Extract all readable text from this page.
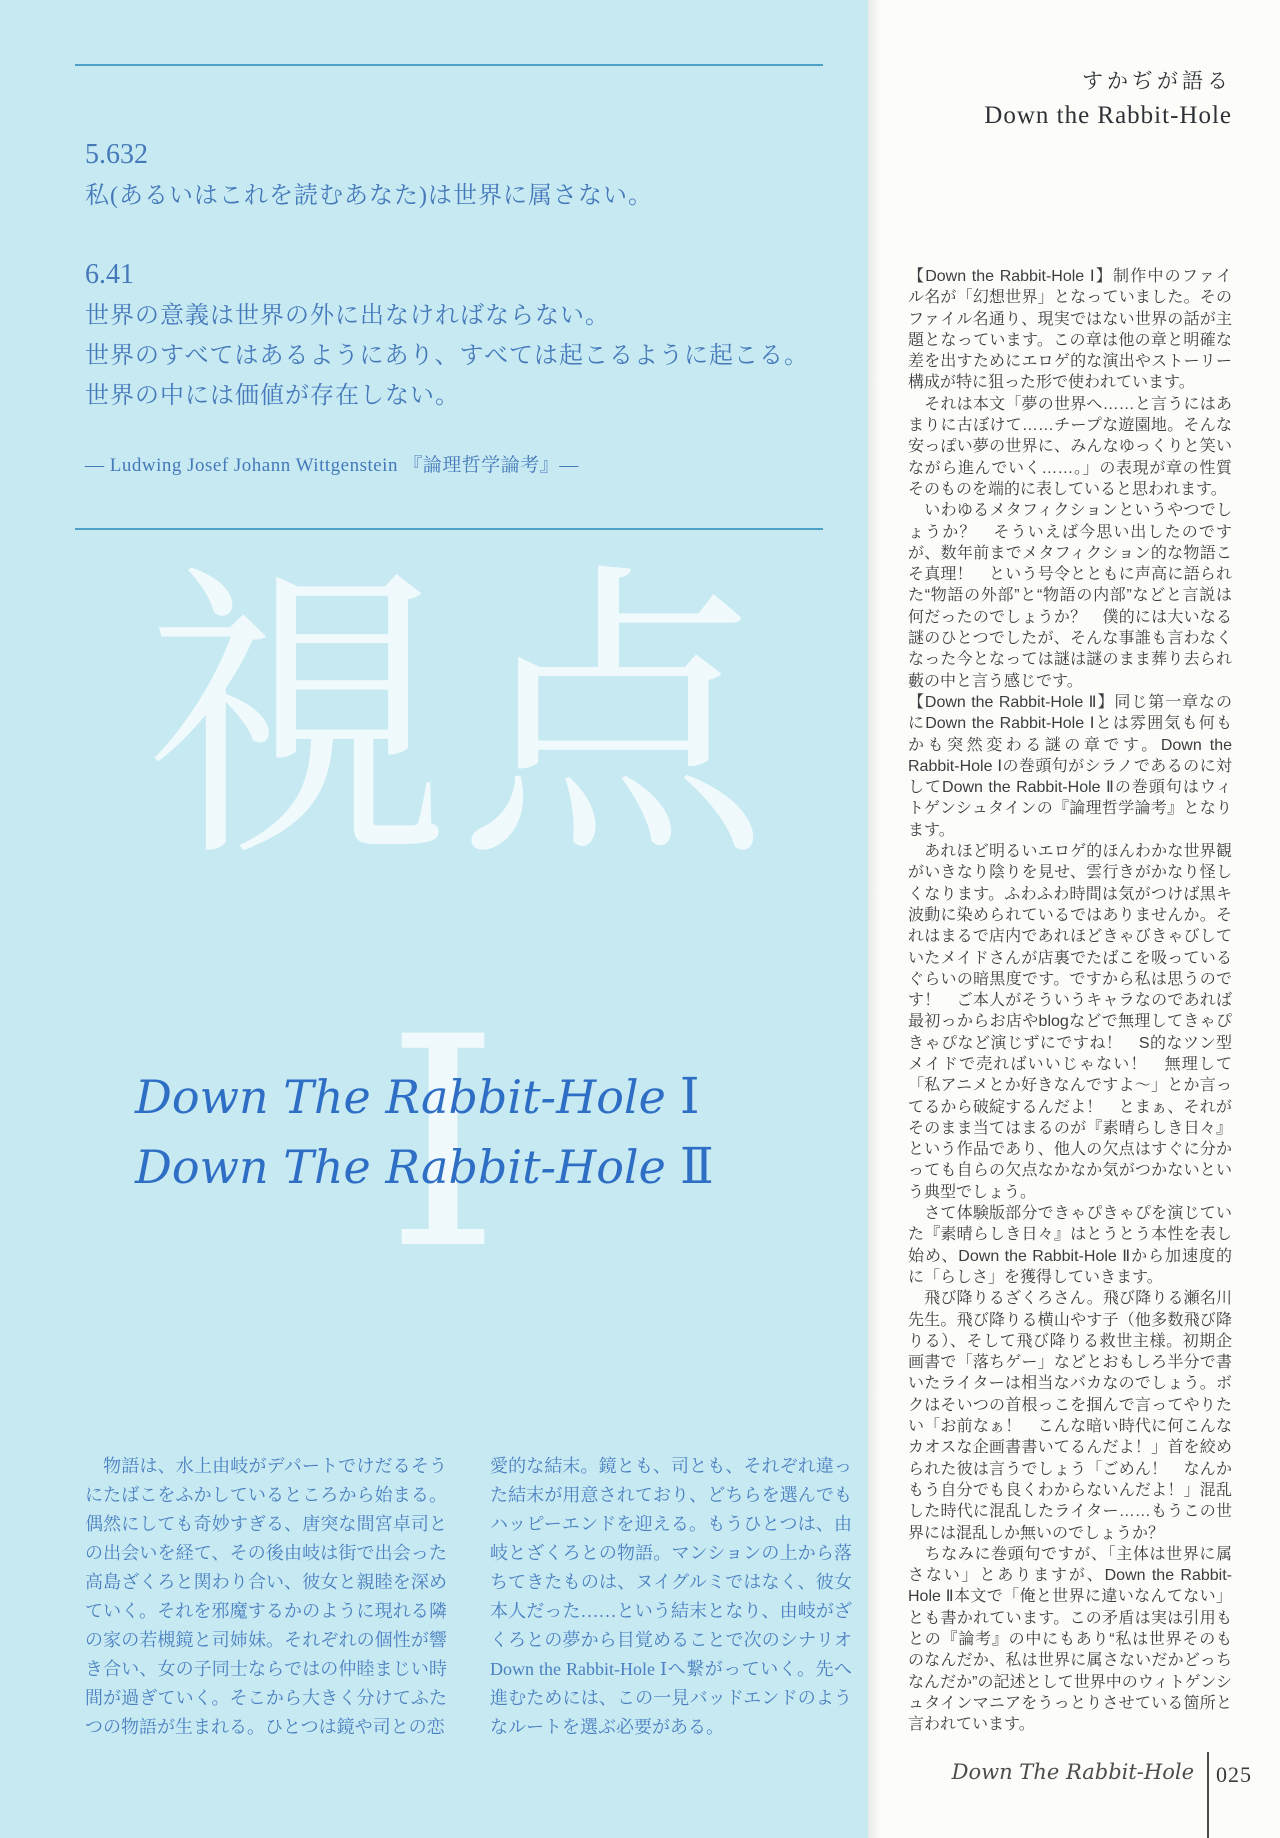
5.632
私(あるいはこれを読むあなた)は世界に属さない。
6.41
世界の意義は世界の外に出なければならない。
世界のすべてはあるようにあり、すべては起こるように起こる。
世界の中には価値が存在しない。
— Ludwing Josef Johann Wittgenstein 『論理哲学論考』—
視点
I
Down The Rabbit-Hole Ⅰ
Down The Rabbit-Hole Ⅱ
　物語は、水上由岐がデパートでけだるそうにたばこをふかしているところから始まる。偶然にしても奇妙すぎる、唐突な間宮卓司との出会いを経て、その後由岐は街で出会った高島ざくろと関わり合い、彼女と親睦を深めていく。それを邪魔するかのように現れる隣の家の若槻鏡と司姉妹。それぞれの個性が響き合い、女の子同士ならではの仲睦まじい時間が過ぎていく。そこから大きく分けてふたつの物語が生まれる。ひとつは鏡や司との恋
愛的な結末。鏡とも、司とも、それぞれ違った結末が用意されており、どちらを選んでもハッピーエンドを迎える。もうひとつは、由岐とざくろとの物語。マンションの上から落ちてきたものは、ヌイグルミではなく、彼女本人だった……という結末となり、由岐がざくろとの夢から目覚めることで次のシナリオDown the Rabbit-Hole Ⅰへ繋がっていく。先へ進むためには、この一見バッドエンドのようなルートを選ぶ必要がある。
すかぢが語る
Down the Rabbit-Hole

【Down the Rabbit-Hole Ⅰ】制作中のファイル名が「幻想世界」となっていました。そのファイル名通り、現実ではない世界の話が主題となっています。この章は他の章と明確な差を出すためにエロゲ的な演出やストーリー構成が特に狙った形で使われています。

　それは本文「夢の世界へ……と言うにはあまりに古ぼけて……チープな遊園地。そんな安っぽい夢の世界に、みんなゆっくりと笑いながら進んでいく……。」の表現が章の性質そのものを端的に表していると思われます。

　いわゆるメタフィクションというやつでしょうか？　そういえば今思い出したのですが、数年前までメタフィクション的な物語こそ真理！　という号令とともに声高に語られた“物語の外部”と“物語の内部”などと言説は何だったのでしょうか？　僕的には大いなる謎のひとつでしたが、そんな事誰も言わなくなった今となっては謎は謎のまま葬り去られ藪の中と言う感じです。

【Down the Rabbit-Hole Ⅱ】同じ第一章なのにDown the Rabbit-Hole Ⅰとは雰囲気も何もかも突然変わる謎の章です。Down the Rabbit-Hole Ⅰの巻頭句がシラノであるのに対してDown the Rabbit-Hole Ⅱの巻頭句はウィトゲンシュタインの『論理哲学論考』となります。

　あれほど明るいエロゲ的ほんわかな世界観がいきなり陰りを見せ、雲行きがかなり怪しくなります。ふわふわ時間は気がつけば黒キ波動に染められているではありませんか。それはまるで店内であれほどきゃびきゃびしていたメイドさんが店裏でたばこを吸っているぐらいの暗黒度です。ですから私は思うのです！　ご本人がそういうキャラなのであれば最初っからお店やblogなどで無理してきゃぴきゃぴなど演じずにですね！　S的なツン型メイドで売ればいいじゃない！　無理して「私アニメとか好きなんですよ～」とか言ってるから破綻するんだよ！　とまぁ、それがそのまま当てはまるのが『素晴らしき日々』という作品であり、他人の欠点はすぐに分かっても自らの欠点なかなか気がつかないという典型でしょう。

　さて体験版部分できゃぴきゃぴを演じていた『素晴らしき日々』はとうとう本性を表し始め、Down the Rabbit-Hole Ⅱから加速度的に「らしさ」を獲得していきます。

　飛び降りるざくろさん。飛び降りる瀬名川先生。飛び降りる横山やす子（他多数飛び降りる）、そして飛び降りる救世主様。初期企画書で「落ちゲー」などとおもしろ半分で書いたライターは相当なバカなのでしょう。ボクはそいつの首根っこを掴んで言ってやりたい「お前なぁ！　こんな暗い時代に何こんなカオスな企画書書いてるんだよ！」首を絞められた彼は言うでしょう「ごめん！　なんかもう自分でも良くわからないんだよ！」混乱した時代に混乱したライター……もうこの世界には混乱しか無いのでしょうか？

　ちなみに巻頭句ですが、「主体は世界に属さない」とありますが、Down the Rabbit-Hole Ⅱ本文で「俺と世界に違いなんてない」とも書かれています。この矛盾は実は引用もとの『論考』の中にもあり“私は世界そのものなんだか、私は世界に属さないだかどっちなんだか”の記述として世界中のウィトゲンシュタインマニアをうっとりさせている箇所と言われています。

Down The Rabbit-Hole 025
